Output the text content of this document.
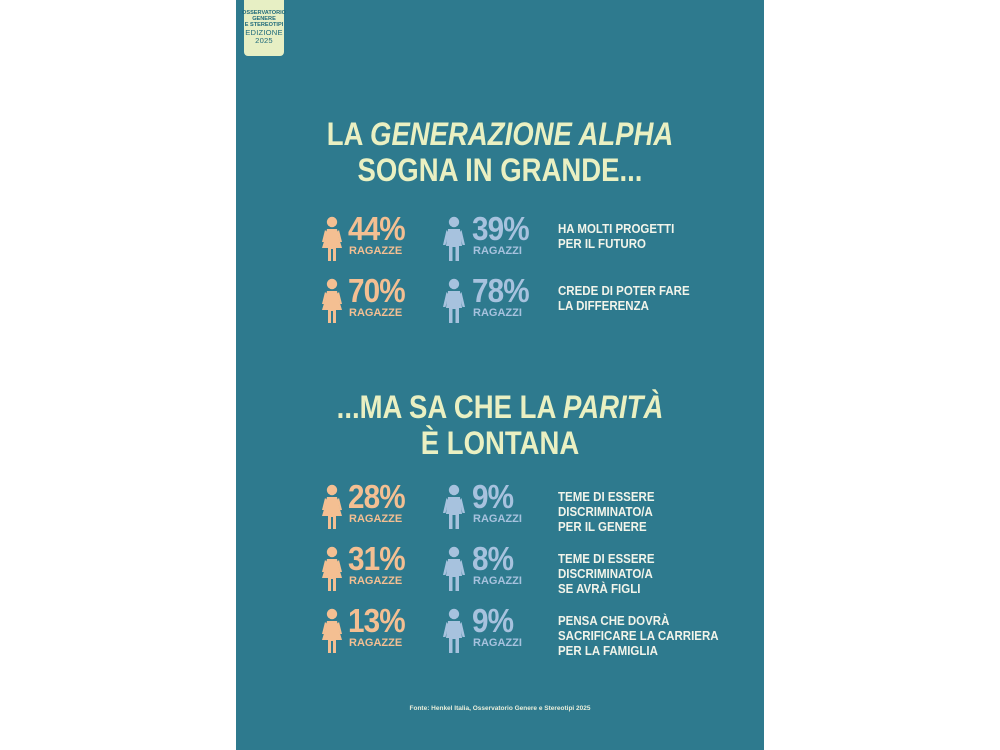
OSSERVATORIO
GENERE
E STEREOTIPI
EDIZIONE
2025
LA GENERAZIONE ALPHA
SOGNA IN GRANDE...
...MA SA CHE LA PARITÀ
È LONTANA
44%
RAGAZZE
39%
RAGAZZI
HA MOLTI PROGETTI
PER IL FUTURO
70%
RAGAZZE
78%
RAGAZZI
CREDE DI POTER FARE
LA DIFFERENZA
28%
RAGAZZE
9%
RAGAZZI
TEME DI ESSERE
DISCRIMINATO/A
PER IL GENERE
31%
RAGAZZE
8%
RAGAZZI
TEME DI ESSERE
DISCRIMINATO/A
SE AVRÀ FIGLI
13%
RAGAZZE
9%
RAGAZZI
PENSA CHE DOVRÀ
SACRIFICARE LA CARRIERA
PER LA FAMIGLIA
Fonte: Henkel Italia, Osservatorio Genere e Stereotipi 2025
